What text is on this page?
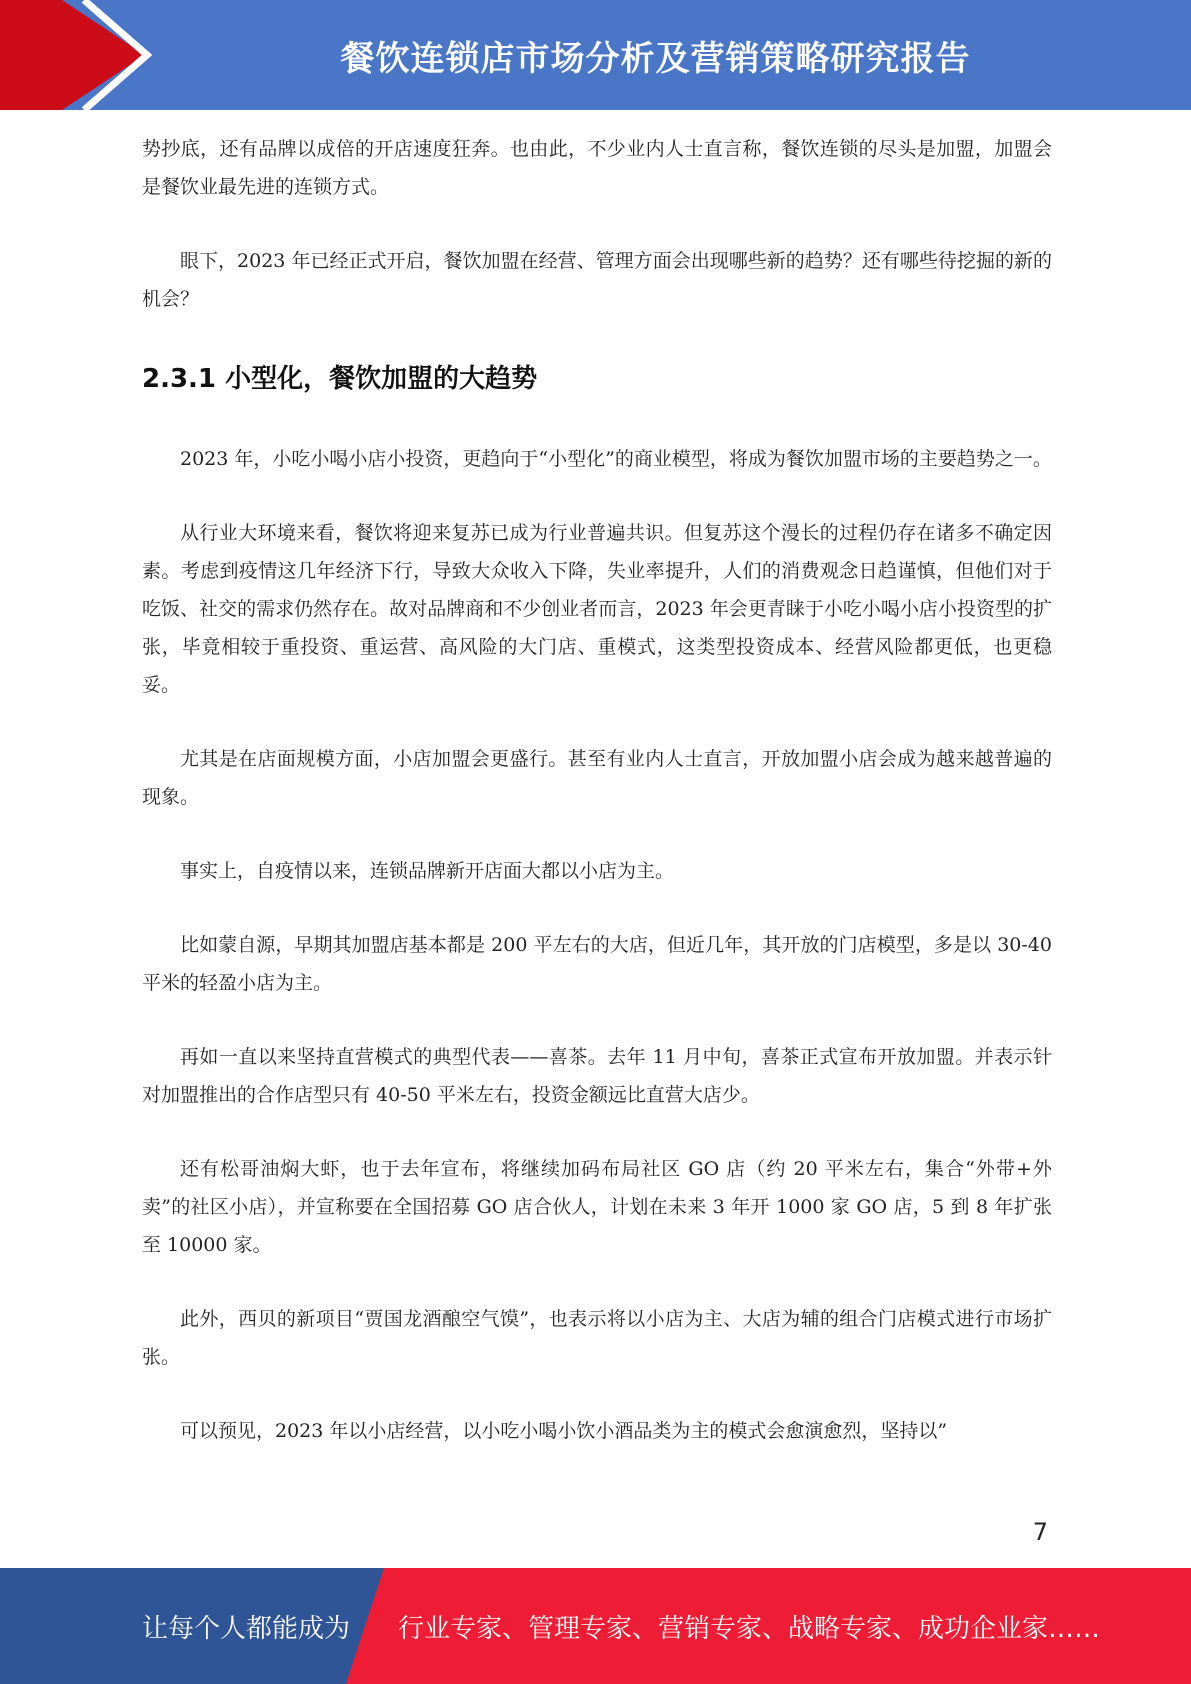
餐饮连锁店市场分析及营销策略研究报告

势抄底，还有品牌以成倍的开店速度狂奔。也由此，不少业内人士直言称，餐饮连锁的尽头是加盟，加盟会是餐饮业最先进的连锁方式。

眼下，2023 年已经正式开启，餐饮加盟在经营、管理方面会出现哪些新的趋势？还有哪些待挖掘的新的机会？

2.3.1 小型化，餐饮加盟的大趋势

2023 年，小吃小喝小店小投资，更趋向于“小型化”的商业模型，将成为餐饮加盟市场的主要趋势之一。

从行业大环境来看，餐饮将迎来复苏已成为行业普遍共识。但复苏这个漫长的过程仍存在诸多不确定因素。考虑到疫情这几年经济下行，导致大众收入下降，失业率提升，人们的消费观念日趋谨慎，但他们对于吃饭、社交的需求仍然存在。故对品牌商和不少创业者而言，2023 年会更青睐于小吃小喝小店小投资型的扩张，毕竟相较于重投资、重运营、高风险的大门店、重模式，这类型投资成本、经营风险都更低，也更稳妥。

尤其是在店面规模方面，小店加盟会更盛行。甚至有业内人士直言，开放加盟小店会成为越来越普遍的现象。

事实上，自疫情以来，连锁品牌新开店面大都以小店为主。

比如蒙自源，早期其加盟店基本都是 200 平左右的大店，但近几年，其开放的门店模型，多是以 30-40 平米的轻盈小店为主。

再如一直以来坚持直营模式的典型代表——喜茶。去年 11 月中旬，喜茶正式宣布开放加盟。并表示针对加盟推出的合作店型只有 40-50 平米左右，投资金额远比直营大店少。

还有松哥油焖大虾，也于去年宣布，将继续加码布局社区 GO 店（约 20 平米左右，集合“外带+外卖”的社区小店），并宣称要在全国招募 GO 店合伙人，计划在未来 3 年开 1000 家 GO 店，5 到 8 年扩张至 10000 家。

此外，西贝的新项目“贾国龙酒酿空气馍”，也表示将以小店为主、大店为辅的组合门店模式进行市场扩张。

可以预见，2023 年以小店经营，以小吃小喝小饮小酒品类为主的模式会愈演愈烈，坚持以”

7
让每个人都能成为 行业专家、管理专家、营销专家、战略专家、成功企业家……
